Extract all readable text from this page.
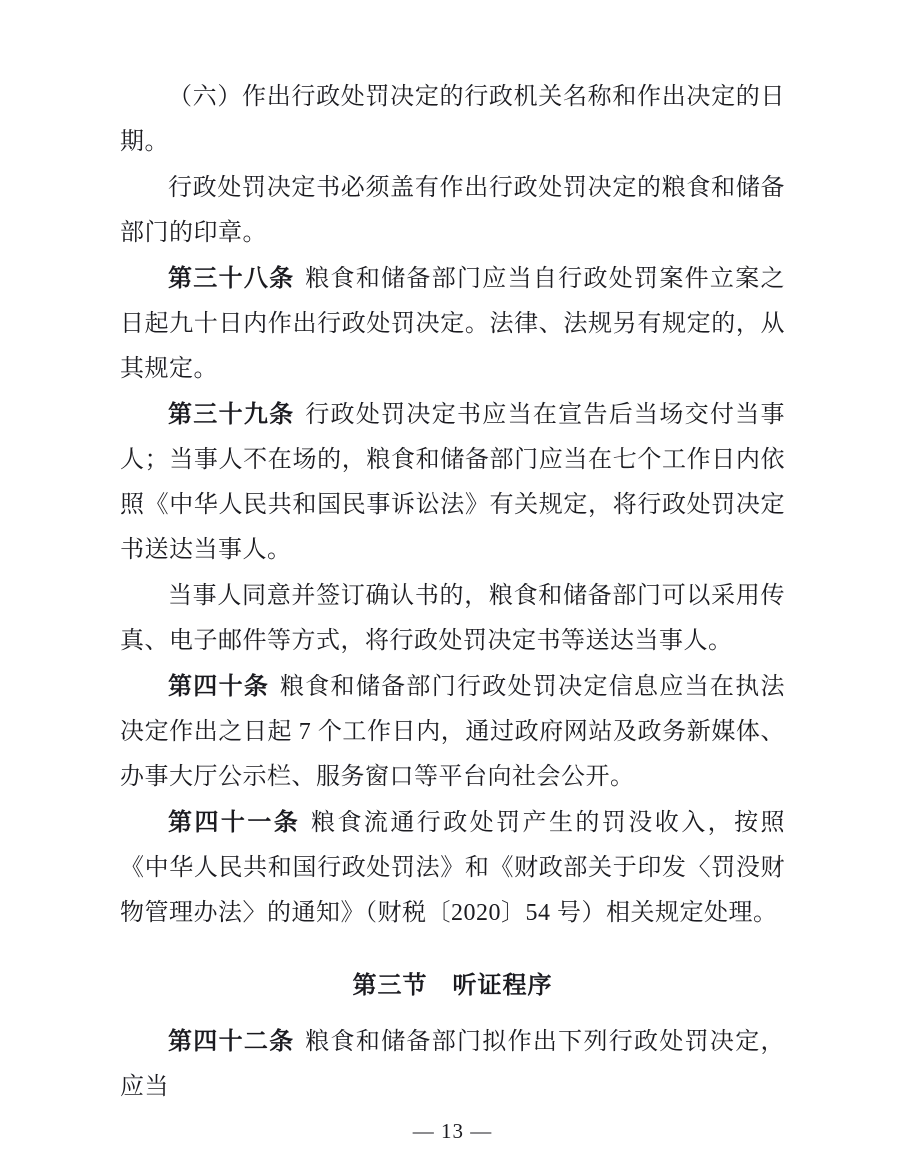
（六）作出行政处罚决定的行政机关名称和作出决定的日期。

行政处罚决定书必须盖有作出行政处罚决定的粮食和储备部门的印章。

第三十八条 粮食和储备部门应当自行政处罚案件立案之日起九十日内作出行政处罚决定。法律、法规另有规定的，从其规定。

第三十九条 行政处罚决定书应当在宣告后当场交付当事人；当事人不在场的，粮食和储备部门应当在七个工作日内依照《中华人民共和国民事诉讼法》有关规定，将行政处罚决定书送达当事人。

当事人同意并签订确认书的，粮食和储备部门可以采用传真、电子邮件等方式，将行政处罚决定书等送达当事人。

第四十条 粮食和储备部门行政处罚决定信息应当在执法决定作出之日起 7 个工作日内，通过政府网站及政务新媒体、办事大厅公示栏、服务窗口等平台向社会公开。

第四十一条 粮食流通行政处罚产生的罚没收入，按照《中华人民共和国行政处罚法》和《财政部关于印发〈罚没财物管理办法〉的通知》（财税〔2020〕54 号）相关规定处理。

第三节　听证程序

第四十二条 粮食和储备部门拟作出下列行政处罚决定，应当

— 13 —
